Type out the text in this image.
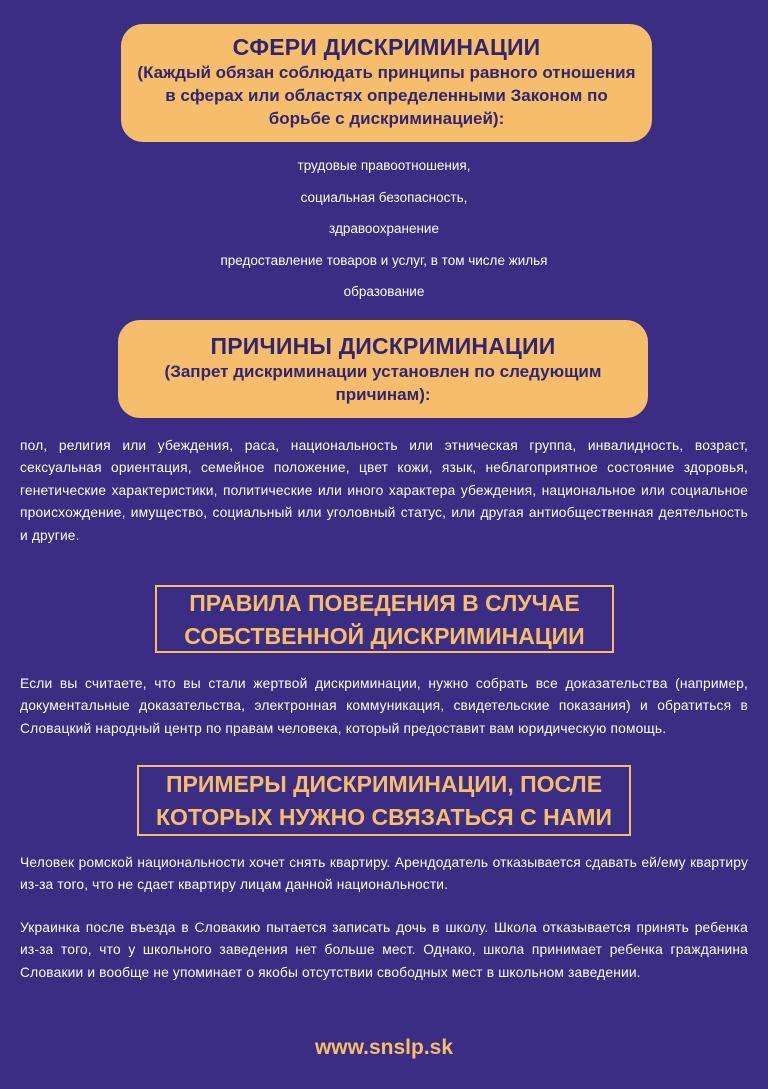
СФЕРИ ДИСКРИМИНАЦИИ

(Каждый обязан соблюдать принципы равного отношения

в сферах или областях определенными Законом по

борьбе с дискриминацией):

трудовые правоотношения,
социальная безопасность,
здравоохранение
предоставление товаров и услуг, в том числе жилья
образование
ПРИЧИНЫ ДИСКРИМИНАЦИИ

(Запрет дискриминации установлен по следующим

причинам):

пол, религия или убеждения, раса, национальность или этническая группа, инвалидность, возраст, сексуальная ориентация, семейное положение, цвет кожи, язык, неблагоприятное состояние здоровья, генетические характеристики, политические или иного характера убеждения, национальное или социальное происхождение, имущество, социальный или уголовный статус, или другая антиобщественная деятельность и другие.
ПРАВИЛА ПОВЕДЕНИЯ В СЛУЧАЕ
СОБСТВЕННОЙ ДИСКРИМИНАЦИИ
Если вы считаете, что вы стали жертвой дискриминации, нужно собрать все доказательства (например, документальные доказательства, электронная коммуникация, свидетельские показания) и обратиться в Словацкий народный центр по правам человека, который предоставит вам юридическую помощь.
ПРИМЕРЫ ДИСКРИМИНАЦИИ, ПОСЛЕ
КОТОРЫХ НУЖНО СВЯЗАТЬСЯ С НАМИ
Человек ромской национальности хочет снять квартиру. Арендодатель отказывается сдавать ей/ему квартиру из-за того, что не сдает квартиру лицам данной национальности.
Украинка после въезда в Словакию пытается записать дочь в школу. Школа отказывается принять ребенка из-за того, что у школьного заведения нет больше мест. Однако, школа принимает ребенка гражданина Словакии и вообще не упоминает о якобы отсутствии свободных мест в школьном заведении.
www.snslp.sk
